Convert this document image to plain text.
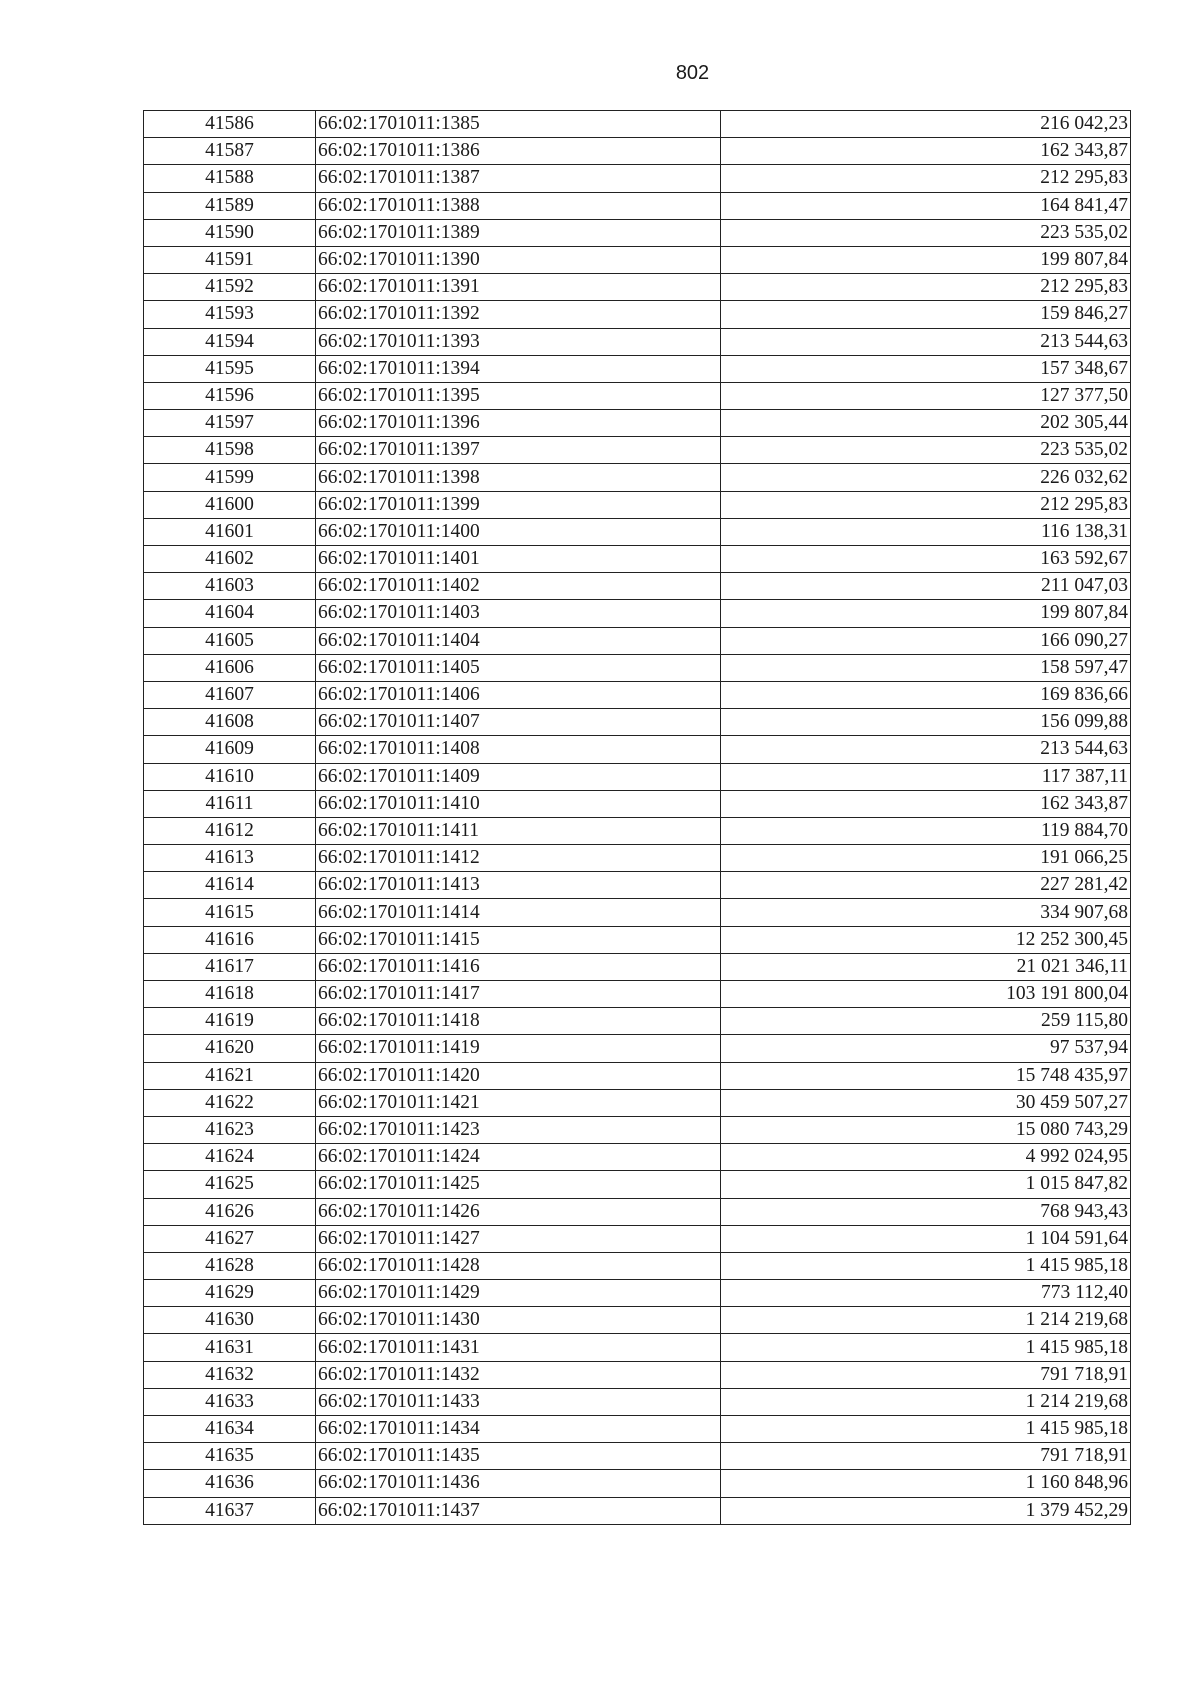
802
41586	66:02:1701011:1385	216 042,23
41587	66:02:1701011:1386	162 343,87
41588	66:02:1701011:1387	212 295,83
41589	66:02:1701011:1388	164 841,47
41590	66:02:1701011:1389	223 535,02
41591	66:02:1701011:1390	199 807,84
41592	66:02:1701011:1391	212 295,83
41593	66:02:1701011:1392	159 846,27
41594	66:02:1701011:1393	213 544,63
41595	66:02:1701011:1394	157 348,67
41596	66:02:1701011:1395	127 377,50
41597	66:02:1701011:1396	202 305,44
41598	66:02:1701011:1397	223 535,02
41599	66:02:1701011:1398	226 032,62
41600	66:02:1701011:1399	212 295,83
41601	66:02:1701011:1400	116 138,31
41602	66:02:1701011:1401	163 592,67
41603	66:02:1701011:1402	211 047,03
41604	66:02:1701011:1403	199 807,84
41605	66:02:1701011:1404	166 090,27
41606	66:02:1701011:1405	158 597,47
41607	66:02:1701011:1406	169 836,66
41608	66:02:1701011:1407	156 099,88
41609	66:02:1701011:1408	213 544,63
41610	66:02:1701011:1409	117 387,11
41611	66:02:1701011:1410	162 343,87
41612	66:02:1701011:1411	119 884,70
41613	66:02:1701011:1412	191 066,25
41614	66:02:1701011:1413	227 281,42
41615	66:02:1701011:1414	334 907,68
41616	66:02:1701011:1415	12 252 300,45
41617	66:02:1701011:1416	21 021 346,11
41618	66:02:1701011:1417	103 191 800,04
41619	66:02:1701011:1418	259 115,80
41620	66:02:1701011:1419	97 537,94
41621	66:02:1701011:1420	15 748 435,97
41622	66:02:1701011:1421	30 459 507,27
41623	66:02:1701011:1423	15 080 743,29
41624	66:02:1701011:1424	4 992 024,95
41625	66:02:1701011:1425	1 015 847,82
41626	66:02:1701011:1426	768 943,43
41627	66:02:1701011:1427	1 104 591,64
41628	66:02:1701011:1428	1 415 985,18
41629	66:02:1701011:1429	773 112,40
41630	66:02:1701011:1430	1 214 219,68
41631	66:02:1701011:1431	1 415 985,18
41632	66:02:1701011:1432	791 718,91
41633	66:02:1701011:1433	1 214 219,68
41634	66:02:1701011:1434	1 415 985,18
41635	66:02:1701011:1435	791 718,91
41636	66:02:1701011:1436	1 160 848,96
41637	66:02:1701011:1437	1 379 452,29
